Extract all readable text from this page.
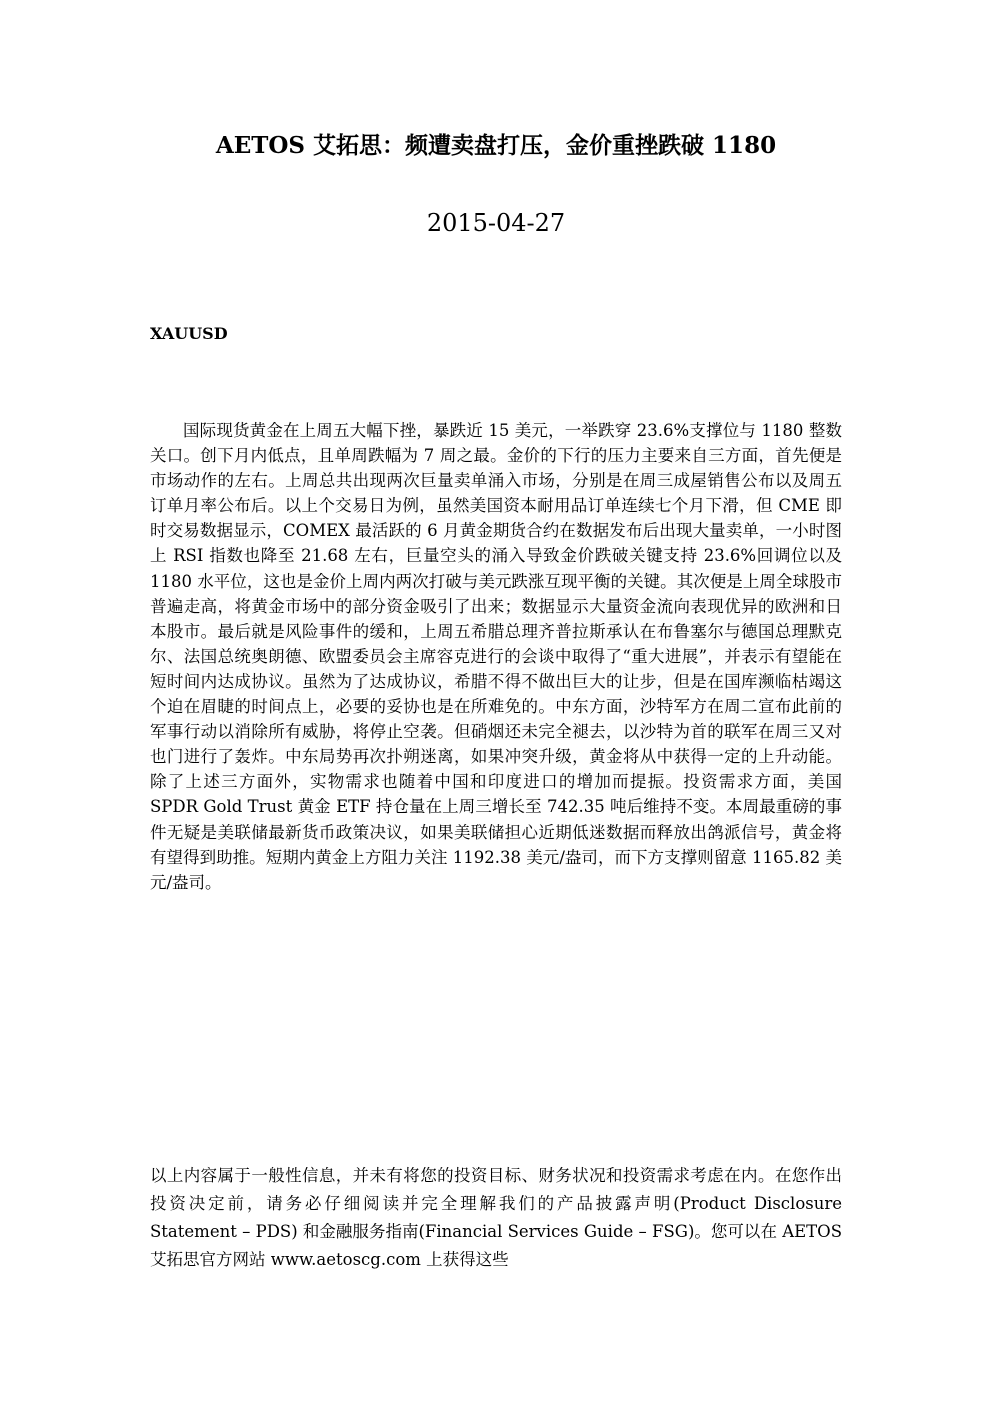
AETOS 艾拓思：频遭卖盘打压，金价重挫跌破 1180
2015-04-27
XAUUSD

国际现货黄金在上周五大幅下挫，暴跌近 15 美元，一举跌穿 23.6%支撑位与 1180 整数关口。创下月内低点，且单周跌幅为 7 周之最。金价的下行的压力主要来自三方面，首先便是市场动作的左右。上周总共出现两次巨量卖单涌入市场，分别是在周三成屋销售公布以及周五订单月率公布后。以上个交易日为例，虽然美国资本耐用品订单连续七个月下滑，但 CME 即时交易数据显示，COMEX 最活跃的 6 月黄金期货合约在数据发布后出现大量卖单，一小时图上 RSI 指数也降至 21.68 左右，巨量空头的涌入导致金价跌破关键支持 23.6%回调位以及 1180 水平位，这也是金价上周内两次打破与美元跌涨互现平衡的关键。其次便是上周全球股市普遍走高，将黄金市场中的部分资金吸引了出来；数据显示大量资金流向表现优异的欧洲和日本股市。最后就是风险事件的缓和，上周五希腊总理齐普拉斯承认在布鲁塞尔与德国总理默克尔、法国总统奥朗德、欧盟委员会主席容克进行的会谈中取得了“重大进展”，并表示有望能在短时间内达成协议。虽然为了达成协议，希腊不得不做出巨大的让步，但是在国库濒临枯竭这个迫在眉睫的时间点上，必要的妥协也是在所难免的。中东方面，沙特军方在周二宣布此前的军事行动以消除所有威胁，将停止空袭。但硝烟还未完全褪去，以沙特为首的联军在周三又对也门进行了轰炸。中东局势再次扑朔迷离，如果冲突升级，黄金将从中获得一定的上升动能。除了上述三方面外，实物需求也随着中国和印度进口的增加而提振。投资需求方面，美国 SPDR Gold Trust 黄金 ETF 持仓量在上周三增长至 742.35 吨后维持不变。本周最重磅的事件无疑是美联储最新货币政策决议，如果美联储担心近期低迷数据而释放出鸽派信号，黄金将有望得到助推。短期内黄金上方阻力关注 1192.38 美元/盎司，而下方支撑则留意 1165.82 美元/盎司。

以上内容属于一般性信息，并未有将您的投资目标、财务状况和投资需求考虑在内。在您作出投资决定前，请务必仔细阅读并完全理解我们的产品披露声明(Product Disclosure Statement – PDS) 和金融服务指南(Financial Services Guide – FSG)。您可以在 AETOS 艾拓思官方网站 www.aetoscg.com 上获得这些
